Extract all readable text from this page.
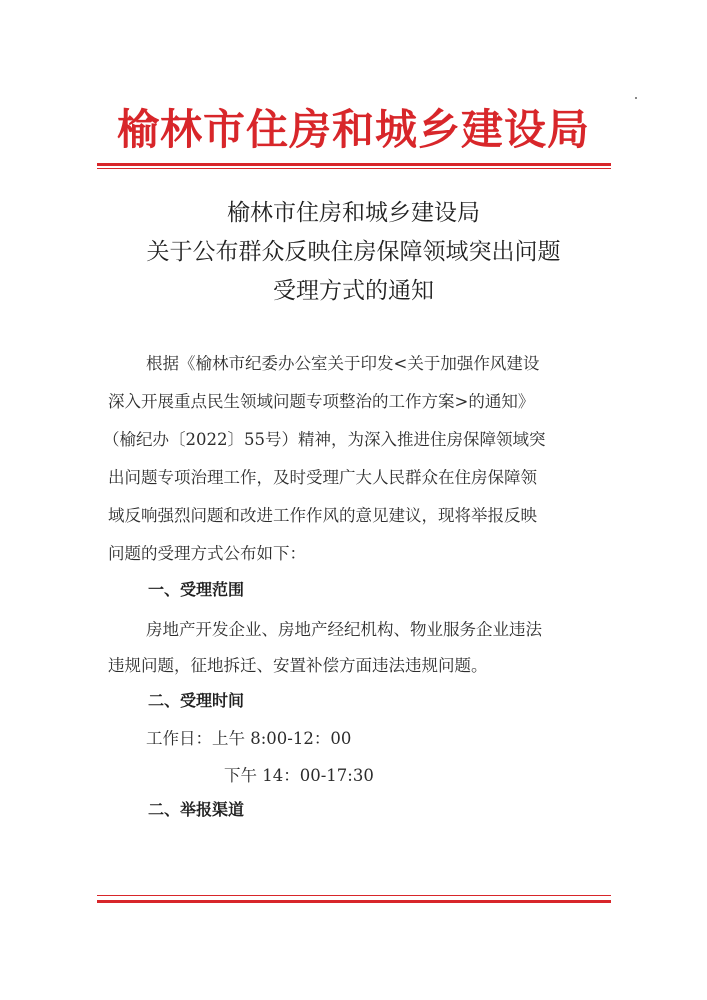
榆林市住房和城乡建设局
榆林市住房和城乡建设局
关于公布群众反映住房保障领域突出问题
受理方式的通知

根据《榆林市纪委办公室关于印发<关于加强作风建设

深入开展重点民生领域问题专项整治的工作方案>的通知》

（榆纪办〔2022〕55号）精神，为深入推进住房保障领域突

出问题专项治理工作，及时受理广大人民群众在住房保障领

域反响强烈问题和改进工作作风的意见建议，现将举报反映

问题的受理方式公布如下：

一、受理范围

房地产开发企业、房地产经纪机构、物业服务企业违法

违规问题，征地拆迁、安置补偿方面违法违规问题。

二、受理时间

工作日：上午 8:00-12：00

下午 14：00-17:30

二、举报渠道
